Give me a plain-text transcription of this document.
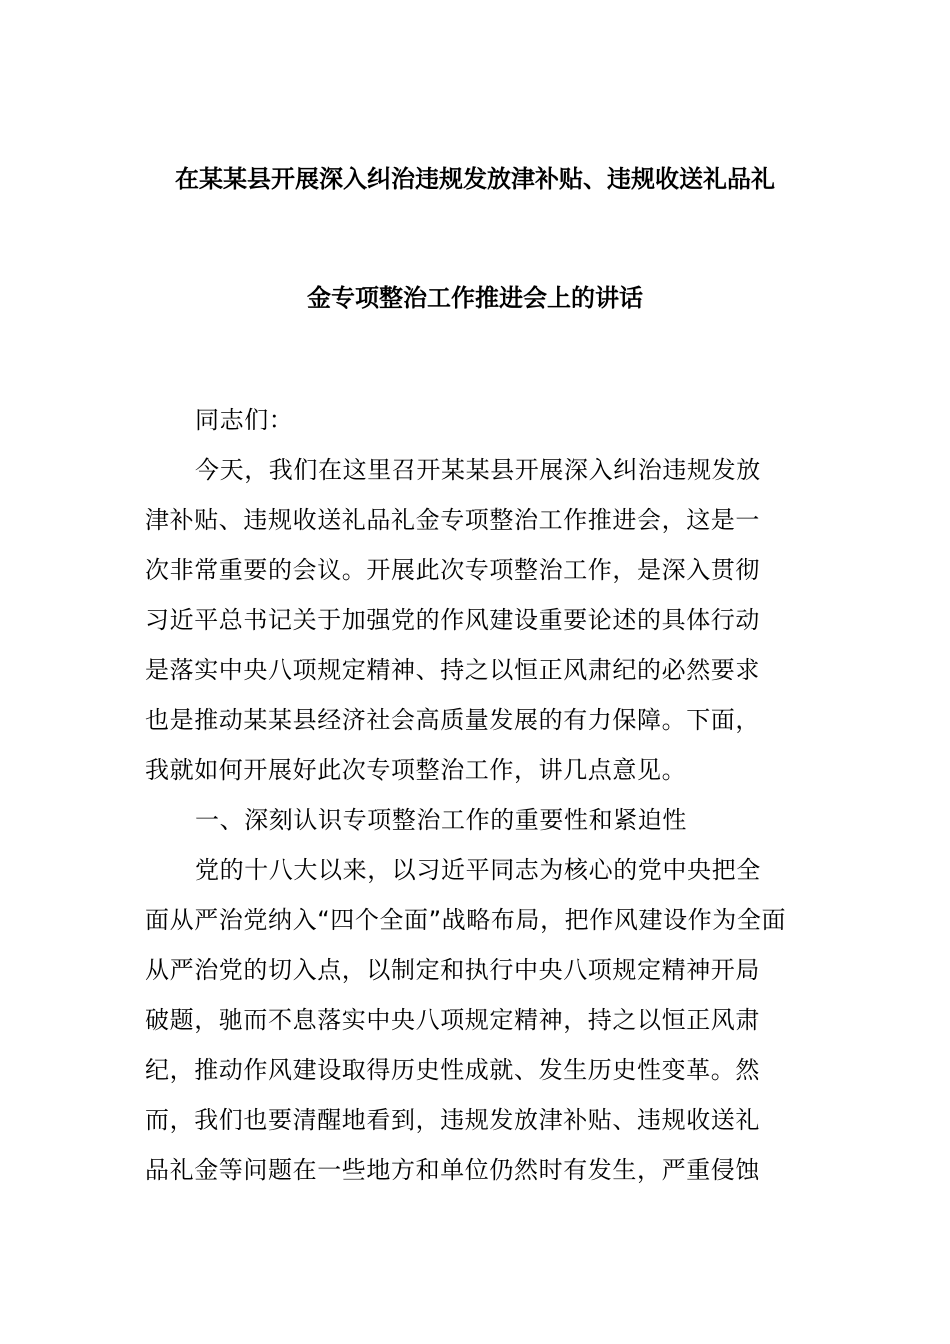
在某某县开展深入纠治违规发放津补贴、违规收送礼品礼
金专项整治工作推进会上的讲话
同志们：
今天，我们在这里召开某某县开展深入纠治违规发放
津补贴、违规收送礼品礼金专项整治工作推进会，这是一
次非常重要的会议。开展此次专项整治工作，是深入贯彻
习近平总书记关于加强党的作风建设重要论述的具体行动
是落实中央八项规定精神、持之以恒正风肃纪的必然要求
也是推动某某县经济社会高质量发展的有力保障。下面，
我就如何开展好此次专项整治工作，讲几点意见。
一、深刻认识专项整治工作的重要性和紧迫性
党的十八大以来，以习近平同志为核心的党中央把全
面从严治党纳入“四个全面”战略布局，把作风建设作为全面
从严治党的切入点，以制定和执行中央八项规定精神开局
破题，驰而不息落实中央八项规定精神，持之以恒正风肃
纪，推动作风建设取得历史性成就、发生历史性变革。然
而，我们也要清醒地看到，违规发放津补贴、违规收送礼
品礼金等问题在一些地方和单位仍然时有发生，严重侵蚀
